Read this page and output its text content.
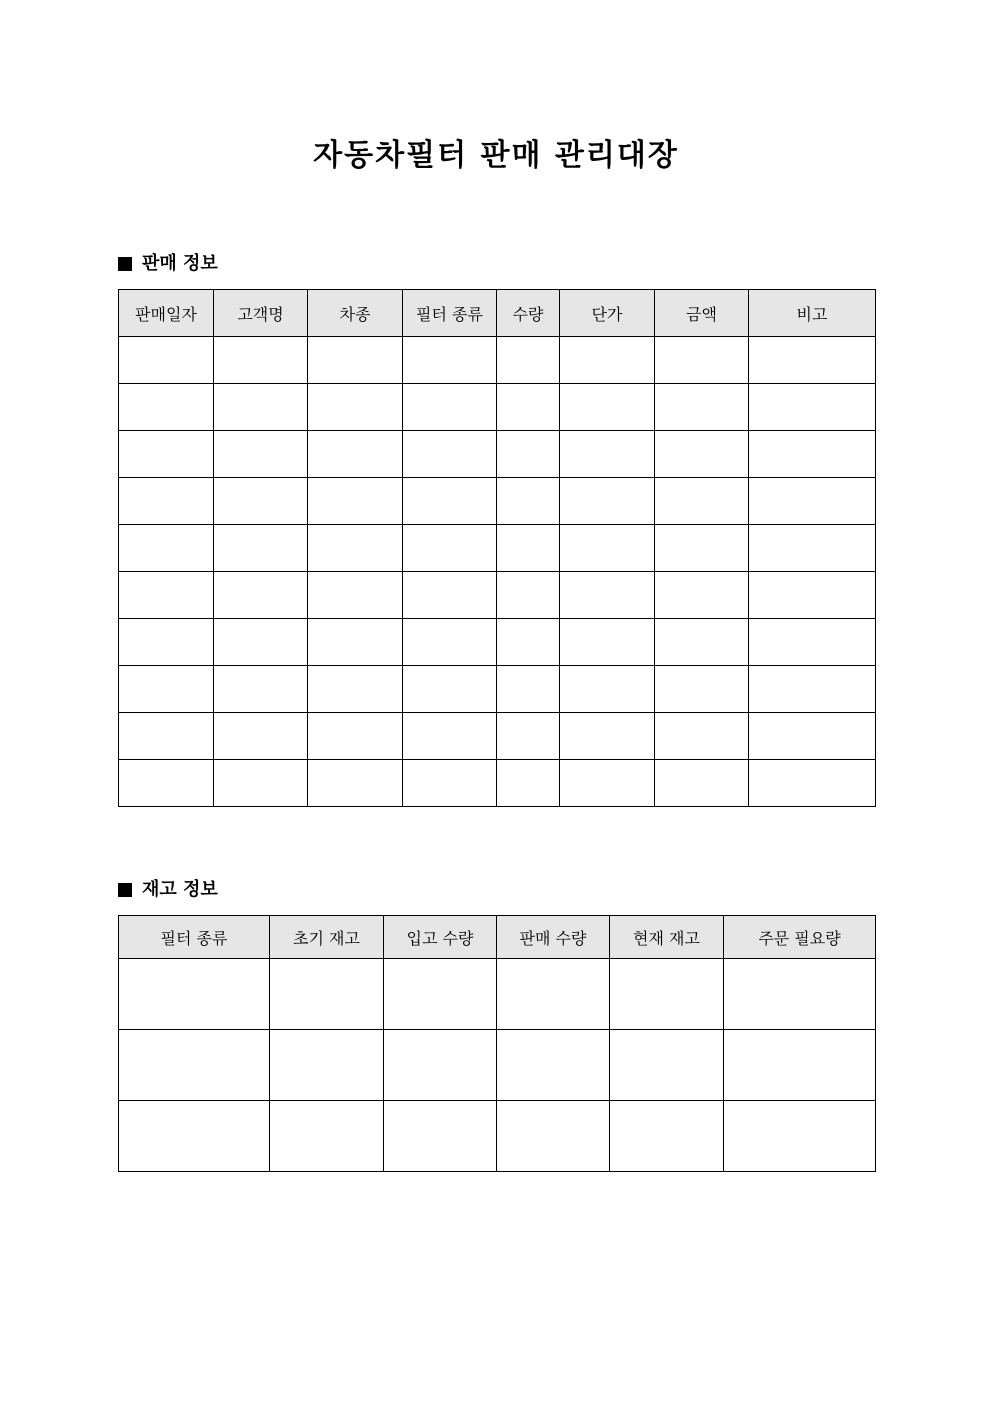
자동차필터 판매 관리대장
판매 정보
판매일자	고객명	차종	필터 종류	수량	단가	금액	비고

재고 정보
필터 종류	초기 재고	입고 수량	판매 수량	현재 재고	주문 필요량
